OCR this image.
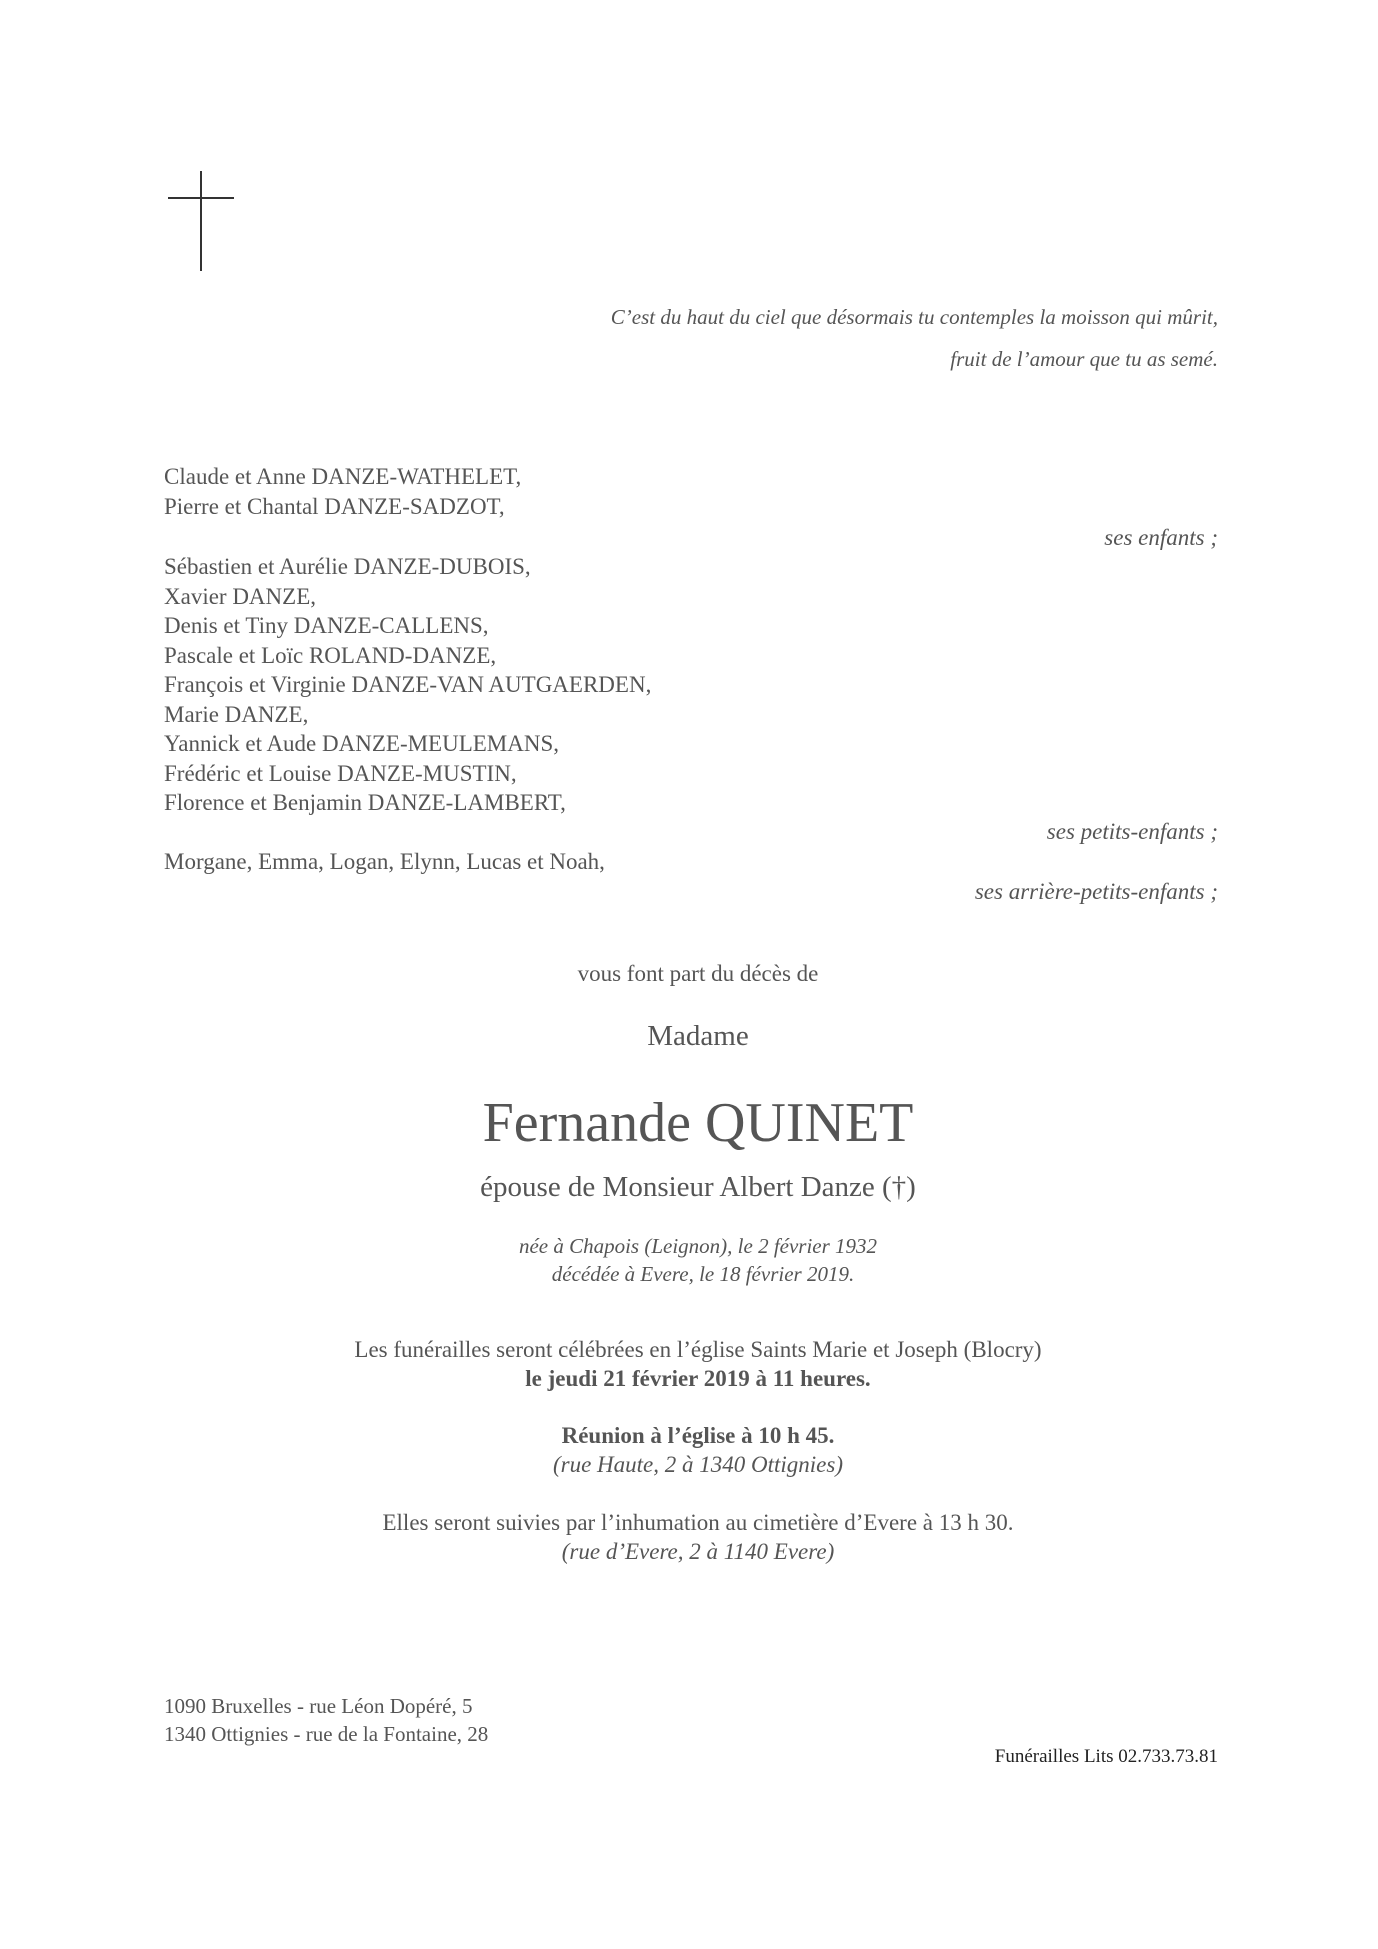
C’est du haut du ciel que désormais tu contemples la moisson qui mûrit,
fruit de l’amour que tu as semé.
Claude et Anne DANZE-WATHELET,
Pierre et Chantal DANZE-SADZOT,
ses enfants ;
Sébastien et Aurélie DANZE-DUBOIS,
Xavier DANZE,
Denis et Tiny DANZE-CALLENS,
Pascale et Loïc ROLAND-DANZE,
François et Virginie DANZE-VAN AUTGAERDEN,
Marie DANZE,
Yannick et Aude DANZE-MEULEMANS,
Frédéric et Louise DANZE-MUSTIN,
Florence et Benjamin DANZE-LAMBERT,
ses petits-enfants ;
Morgane, Emma, Logan, Elynn, Lucas et Noah,
ses arrière-petits-enfants ;
vous font part du décès de
Madame
Fernande QUINET
épouse de Monsieur Albert Danze (†)
née à Chapois (Leignon), le 2 février 1932
décédée à Evere, le 18 février 2019.
Les funérailles seront célébrées en l’église Saints Marie et Joseph (Blocry)
le jeudi 21 février 2019 à 11 heures.
Réunion à l’église à 10 h 45.
(rue Haute, 2 à 1340 Ottignies)
Elles seront suivies par l’inhumation au cimetière d’Evere à 13 h 30.
(rue d’Evere, 2 à 1140 Evere)
1090 Bruxelles - rue Léon Dopéré, 5
1340 Ottignies - rue de la Fontaine, 28
Funérailles Lits 02.733.73.81
